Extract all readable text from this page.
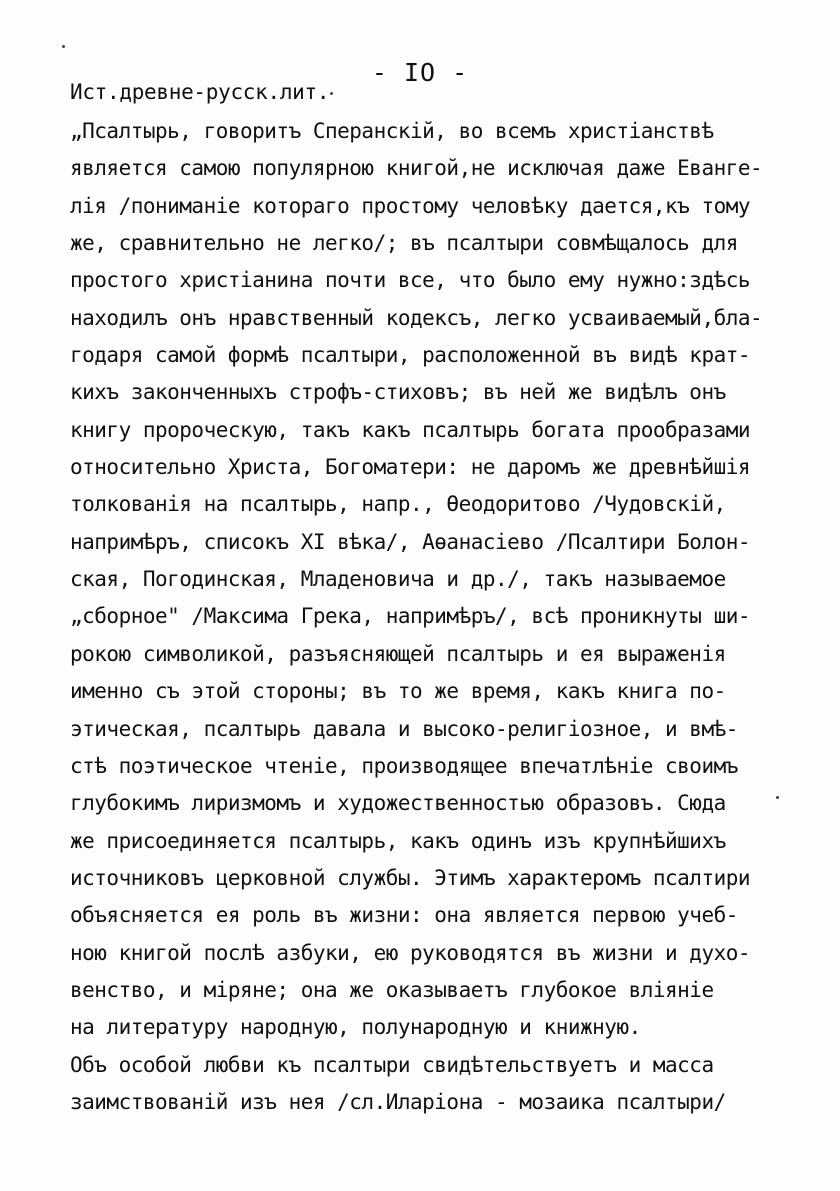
- IO -
Ист.древне-русск.лит.
„Псалтырь, говоритъ Сперанскій, во всемъ христіанствѣ
является самою популярною книгой,не исключая даже Еванге-
лія /пониманіе котораго простому человѣку дается,къ тому
же, сравнительно не легко/; въ псалтыри совмѣщалось для
простого христіанина почти все, что было ему нужно:здѣсь
находилъ онъ нравственный кодексъ, легко усваиваемый,бла-
годаря самой формѣ псалтыри, расположенной въ видѣ крат-
кихъ законченныхъ строфъ-стиховъ; въ ней же видѣлъ онъ
книгу пророческую, такъ какъ псалтырь богата прообразами
относительно Христа, Богоматери: не даромъ же древнѣйшія
толкованія на псалтырь, напр., Ѳеодоритово /Чудовскій,
напримѣръ, списокъ XI вѣка/, Аѳанасіево /Псалтири Болон-
ская, Погодинская, Младеновича и др./, такъ называемое
„сборное" /Максима Грека, напримѣръ/, всѣ проникнуты ши-
рокою символикой, разъясняющей псалтырь и ея выраженія
именно съ этой стороны; въ то же время, какъ книга по-
этическая, псалтырь давала и высоко-религіозное, и вмѣ-
стѣ поэтическое чтеніе, производящее впечатлѣніе своимъ
глубокимъ лиризмомъ и художественностью образовъ. Сюда
же присоединяется псалтырь, какъ одинъ изъ крупнѣйшихъ
источниковъ церковной службы. Этимъ характеромъ псалтири
объясняется ея роль въ жизни: она является первою учеб-
ною книгой послѣ азбуки, ею руководятся въ жизни и духо-
венство, и міряне; она же оказываетъ глубокое вліяніе
на литературу народную, полународную и книжную.
Объ особой любви къ псалтыри свидѣтельствуетъ и масса
заимствованій изъ нея /сл.Иларіона - мозаика псалтыри/
